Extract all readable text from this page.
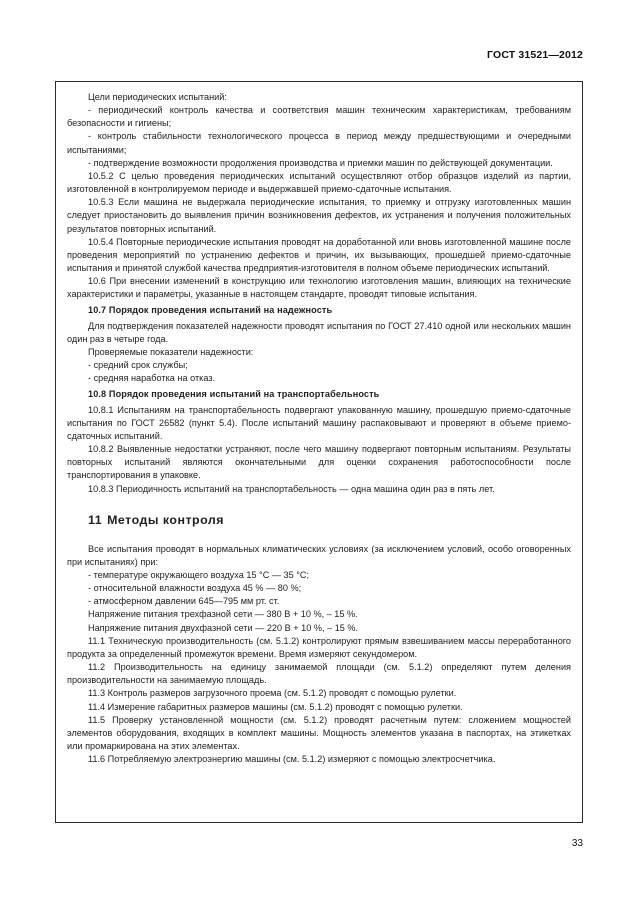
ГОСТ 31521—2012

Цели периодических испытаний:

- периодический контроль качества и соответствия машин техническим характеристикам, требованиям безопасности и гигиены;

- контроль стабильности технологического процесса в период между предшествующими и очередными испытаниями;

- подтверждение возможности продолжения производства и приемки машин по действующей документации.

10.5.2 С целью проведения периодических испытаний осуществляют отбор образцов изделий из партии, изготовленной в контролируемом периоде и выдержавшей приемо-сдаточные испытания.

10.5.3 Если машина не выдержала периодические испытания, то приемку и отгрузку изготовленных машин следует приостановить до выявления причин возникновения дефектов, их устранения и получения положительных результатов повторных испытаний.

10.5.4 Повторные периодические испытания проводят на доработанной или вновь изготовленной машине после проведения мероприятий по устранению дефектов и причин, их вызывающих, прошедшей приемо-сдаточные испытания и принятой службой качества предприятия-изготовителя в полном объеме периодических испытаний.

10.6 При внесении изменений в конструкцию или технологию изготовления машин, влияющих на технические характеристики и параметры, указанные в настоящем стандарте, проводят типовые испытания.

10.7 Порядок проведения испытаний на надежность

Для подтверждения показателей надежности проводят испытания по ГОСТ 27.410 одной или нескольких машин один раз в четыре года.

Проверяемые показатели надежности:

- средний срок службы;

- средняя наработка на отказ.

10.8 Порядок проведения испытаний на транспортабельность

10.8.1 Испытаниям на транспортабельность подвергают упакованную машину, прошедшую приемо-сдаточные испытания по ГОСТ 26582 (пункт 5.4). После испытаний машину распаковывают и проверяют в объеме приемо-сдаточных испытаний.

10.8.2 Выявленные недостатки устраняют, после чего машину подвергают повторным испытаниям. Результаты повторных испытаний являются окончательными для оценки сохранения работоспособности после транспортирования в упаковке.

10.8.3 Периодичность испытаний на транспортабельность — одна машина один раз в пять лет.

11 Методы контроля

Все испытания проводят в нормальных климатических условиях (за исключением условий, особо оговоренных при испытаниях) при:

- температуре окружающего воздуха 15 °С — 35 °С;

- относительной влажности воздуха 45 % — 80 %;

- атмосферном давлении 645—795 мм рт. ст.

Напряжение питания трехфазной сети — 380 В + 10 %, – 15 %.

Напряжение питания двухфазной сети — 220 В + 10 %, – 15 %.

11.1 Техническую производительность (см. 5.1.2) контролируют прямым взвешиванием массы переработанного продукта за определенный промежуток времени. Время измеряют секундомером.

11.2 Производительность на единицу занимаемой площади (см. 5.1.2) определяют путем деления производительности на занимаемую площадь.

11.3 Контроль размеров загрузочного проема (см. 5.1.2) проводят с помощью рулетки.

11.4 Измерение габаритных размеров машины (см. 5.1.2) проводят с помощью рулетки.

11.5 Проверку установленной мощности (см. 5.1.2) проводят расчетным путем: сложением мощностей элементов оборудования, входящих в комплект машины. Мощность элементов указана в паспортах, на этикетках или промаркирована на этих элементах.

11.6 Потребляемую электроэнергию машины (см. 5.1.2) измеряют с помощью электросчетчика.

33
